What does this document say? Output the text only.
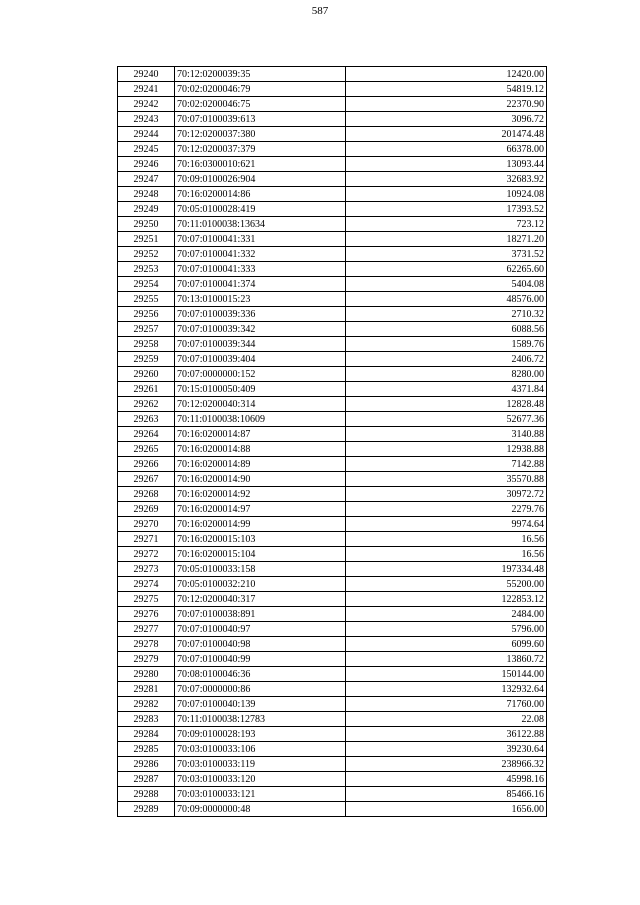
587
29240	70:12:0200039:35	12420.00
29241	70:02:0200046:79	54819.12
29242	70:02:0200046:75	22370.90
29243	70:07:0100039:613	3096.72
29244	70:12:0200037:380	201474.48
29245	70:12:0200037:379	66378.00
29246	70:16:0300010:621	13093.44
29247	70:09:0100026:904	32683.92
29248	70:16:0200014:86	10924.08
29249	70:05:0100028:419	17393.52
29250	70:11:0100038:13634	723.12
29251	70:07:0100041:331	18271.20
29252	70:07:0100041:332	3731.52
29253	70:07:0100041:333	62265.60
29254	70:07:0100041:374	5404.08
29255	70:13:0100015:23	48576.00
29256	70:07:0100039:336	2710.32
29257	70:07:0100039:342	6088.56
29258	70:07:0100039:344	1589.76
29259	70:07:0100039:404	2406.72
29260	70:07:0000000:152	8280.00
29261	70:15:0100050:409	4371.84
29262	70:12:0200040:314	12828.48
29263	70:11:0100038:10609	52677.36
29264	70:16:0200014:87	3140.88
29265	70:16:0200014:88	12938.88
29266	70:16:0200014:89	7142.88
29267	70:16:0200014:90	35570.88
29268	70:16:0200014:92	30972.72
29269	70:16:0200014:97	2279.76
29270	70:16:0200014:99	9974.64
29271	70:16:0200015:103	16.56
29272	70:16:0200015:104	16.56
29273	70:05:0100033:158	197334.48
29274	70:05:0100032:210	55200.00
29275	70:12:0200040:317	122853.12
29276	70:07:0100038:891	2484.00
29277	70:07:0100040:97	5796.00
29278	70:07:0100040:98	6099.60
29279	70:07:0100040:99	13860.72
29280	70:08:0100046:36	150144.00
29281	70:07:0000000:86	132932.64
29282	70:07:0100040:139	71760.00
29283	70:11:0100038:12783	22.08
29284	70:09:0100028:193	36122.88
29285	70:03:0100033:106	39230.64
29286	70:03:0100033:119	238966.32
29287	70:03:0100033:120	45998.16
29288	70:03:0100033:121	85466.16
29289	70:09:0000000:48	1656.00
